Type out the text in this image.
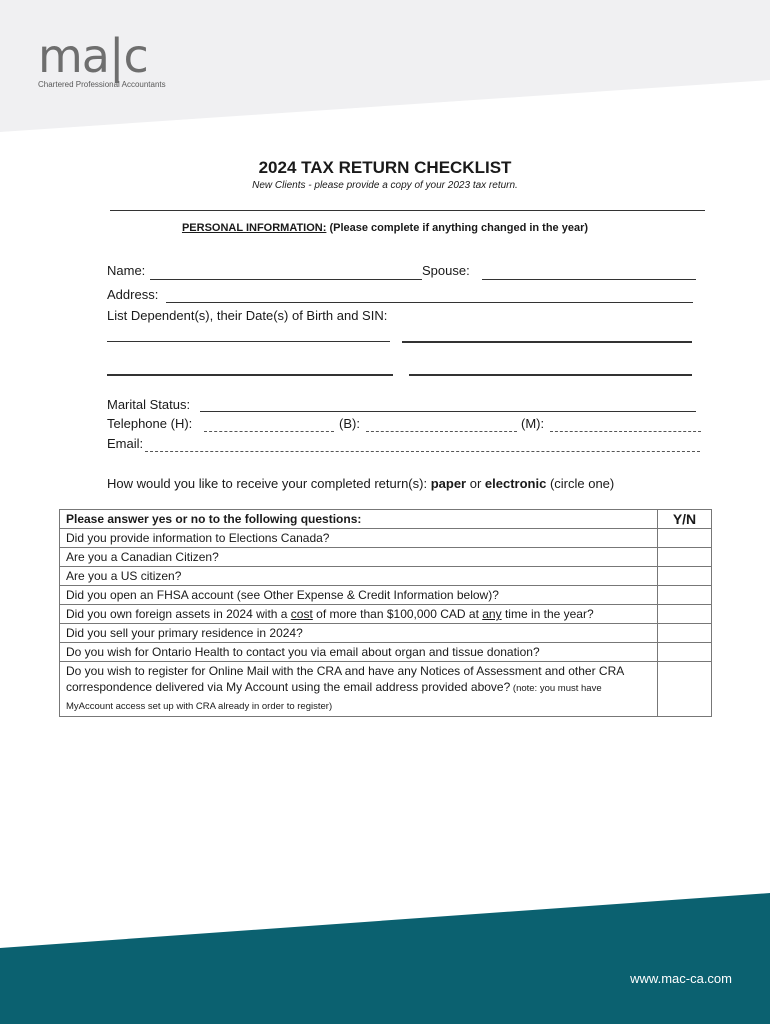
ma|c
Chartered Professional Accountants
2024 TAX RETURN CHECKLIST
New Clients - please provide a copy of your 2023 tax return.
PERSONAL INFORMATION: (Please complete if anything changed in the year)
Name:	Spouse:
Address:
List Dependent(s), their Date(s) of Birth and SIN:
Marital Status:
Telephone (H):	(B):	(M):
Email:
How would you like to receive your completed return(s): paper or electronic (circle one)
Please answer yes or no to the following questions:	Y/N
Did you provide information to Elections Canada?	
Are you a Canadian Citizen?	
Are you a US citizen?	
Did you open an FHSA account (see Other Expense & Credit Information below)?	
Did you own foreign assets in 2024 with a cost of more than $100,000 CAD at any time in the year?	
Did you sell your primary residence in 2024?	
Do you wish for Ontario Health to contact you via email about organ and tissue donation?	
Do you wish to register for Online Mail with the CRA and have any Notices of Assessment and other CRA correspondence delivered via My Account using the email address provided above? (note: you must have MyAccount access set up with CRA already in order to register)	
www.mac-ca.com
